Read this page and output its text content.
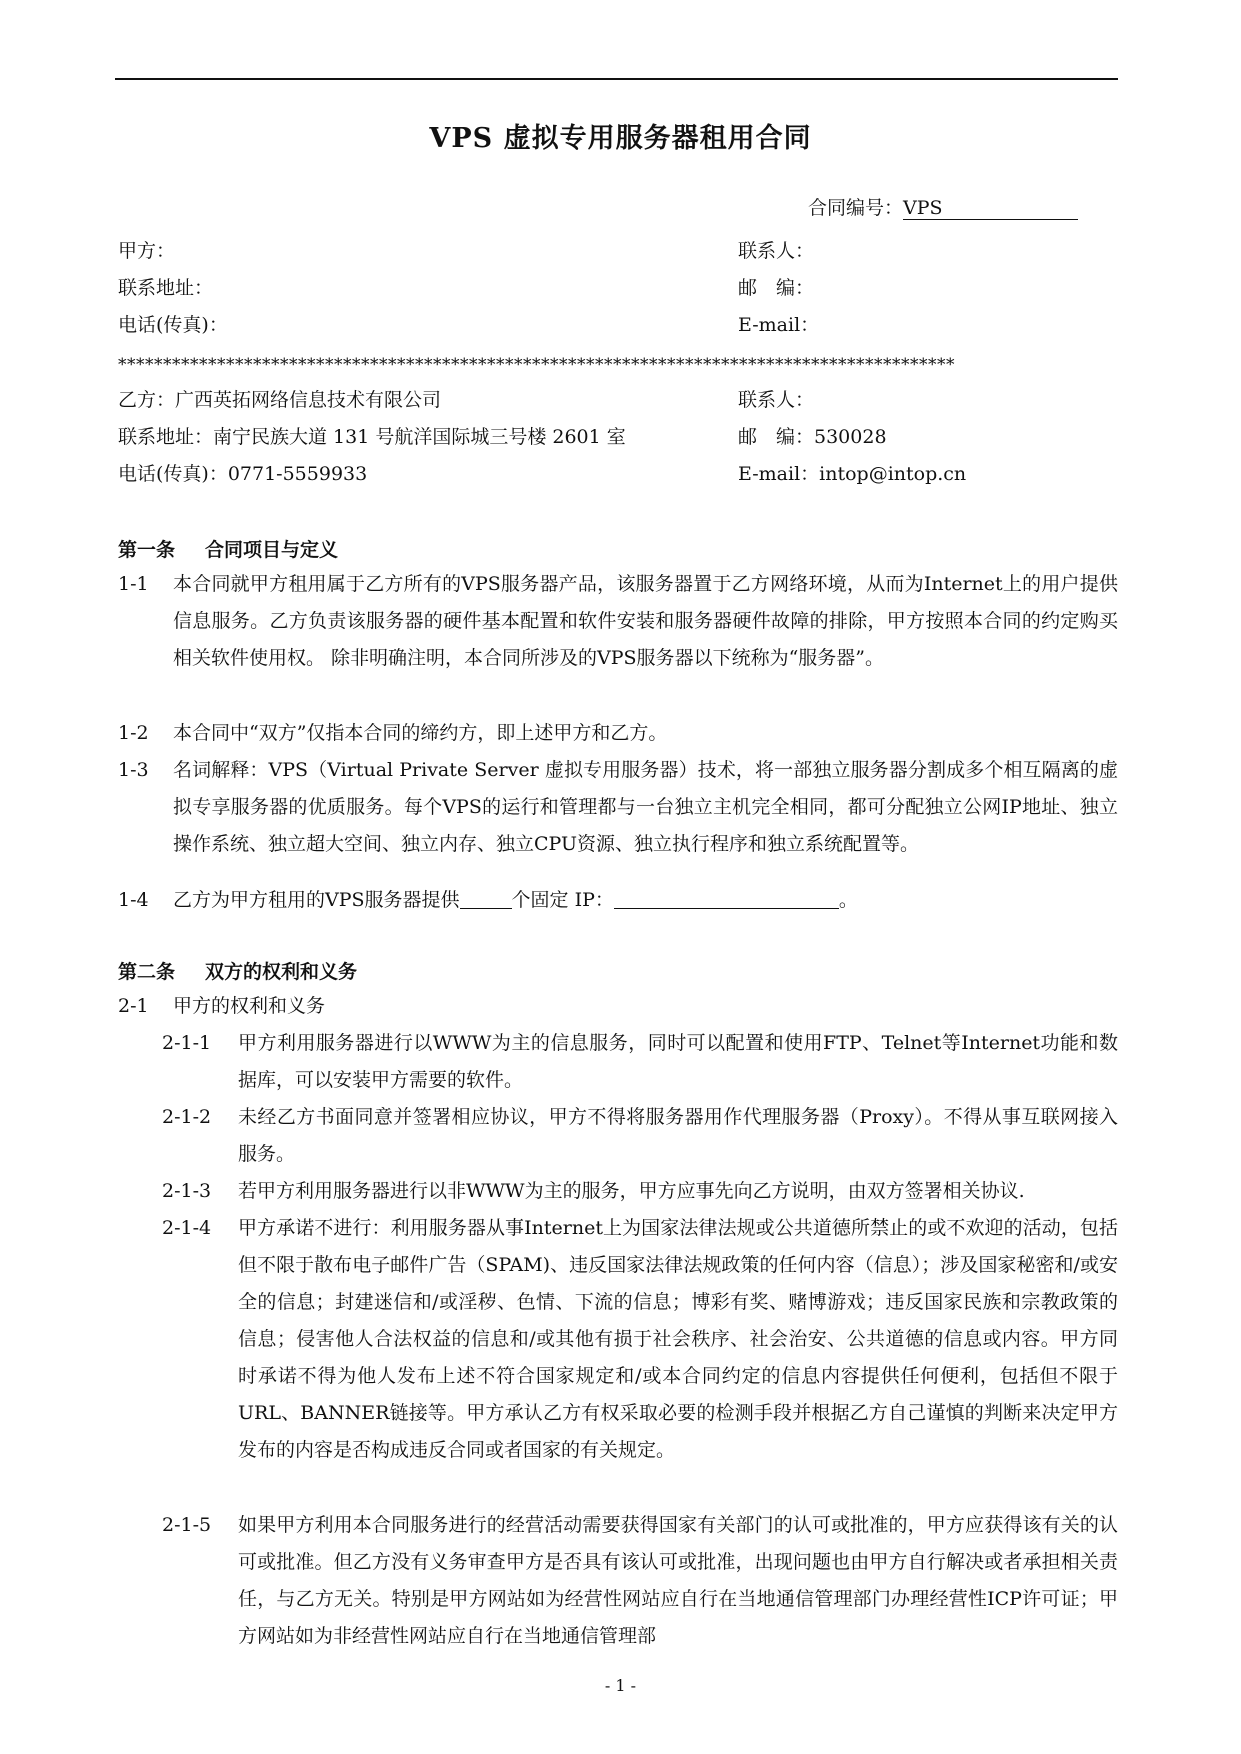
VPS 虚拟专用服务器租用合同
合同编号：VPS
甲方：
联系地址：
电话(传真)：
联系人：
邮　编：
E-mail：
*********************************************************************************************
乙方：广西英拓网络信息技术有限公司
联系地址：南宁民族大道 131 号航洋国际城三号楼 2601 室
电话(传真)：0771-5559933
联系人：
邮　编：530028
E-mail：intop@intop.cn
第一条 合同项目与定义
1-1 本合同就甲方租用属于乙方所有的VPS服务器产品，该服务器置于乙方网络环境，从而为Internet上的用户提供信息服务。乙方负责该服务器的硬件基本配置和软件安装和服务器硬件故障的排除，甲方按照本合同的约定购买相关软件使用权。 除非明确注明，本合同所涉及的VPS服务器以下统称为“服务器”。
1-2 本合同中“双方”仅指本合同的缔约方，即上述甲方和乙方。
1-3 名词解释：VPS（Virtual Private Server 虚拟专用服务器）技术，将一部独立服务器分割成多个相互隔离的虚拟专享服务器的优质服务。每个VPS的运行和管理都与一台独立主机完全相同，都可分配独立公网IP地址、独立操作系统、独立超大空间、独立内存、独立CPU资源、独立执行程序和独立系统配置等。
1-4 乙方为甲方租用的VPS服务器提供	个固定 IP：	。
第二条 双方的权利和义务
2-1 甲方的权利和义务
2-1-1 甲方利用服务器进行以WWW为主的信息服务，同时可以配置和使用FTP、Telnet等Internet功能和数据库，可以安装甲方需要的软件。
2-1-2 未经乙方书面同意并签署相应协议，甲方不得将服务器用作代理服务器（Proxy）。不得从事互联网接入服务。
2-1-3 若甲方利用服务器进行以非WWW为主的服务，甲方应事先向乙方说明，由双方签署相关协议.
2-1-4 甲方承诺不进行：利用服务器从事Internet上为国家法律法规或公共道德所禁止的或不欢迎的活动，包括但不限于散布电子邮件广告（SPAM)、违反国家法律法规政策的任何内容（信息）；涉及国家秘密和/或安全的信息；封建迷信和/或淫秽、色情、下流的信息；博彩有奖、赌博游戏；违反国家民族和宗教政策的信息；侵害他人合法权益的信息和/或其他有损于社会秩序、社会治安、公共道德的信息或内容。甲方同时承诺不得为他人发布上述不符合国家规定和/或本合同约定的信息内容提供任何便利，包括但不限于URL、BANNER链接等。甲方承认乙方有权采取必要的检测手段并根据乙方自己谨慎的判断来决定甲方发布的内容是否构成违反合同或者国家的有关规定。
2-1-5 如果甲方利用本合同服务进行的经营活动需要获得国家有关部门的认可或批准的，甲方应获得该有关的认可或批准。但乙方没有义务审查甲方是否具有该认可或批准，出现问题也由甲方自行解决或者承担相关责任，与乙方无关。特别是甲方网站如为经营性网站应自行在当地通信管理部门办理经营性ICP许可证；甲方网站如为非经营性网站应自行在当地通信管理部
- 1 -
